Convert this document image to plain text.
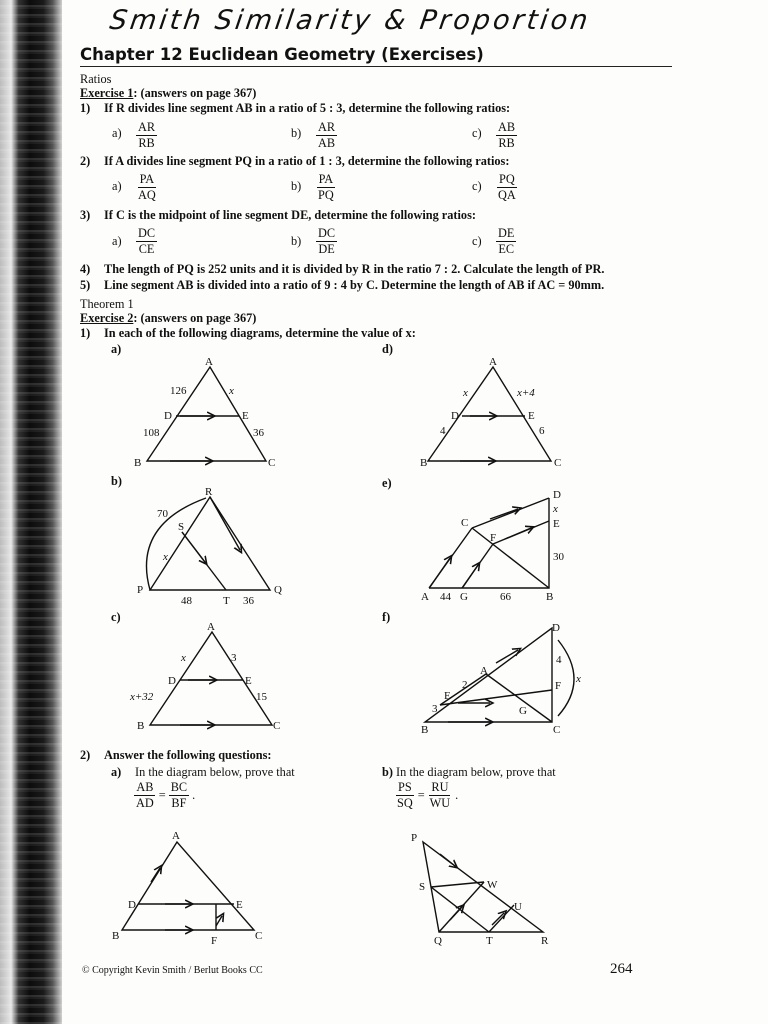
Smith Similarity & Proportion
Chapter 12 Euclidean Geometry (Exercises)
Ratios
Exercise 1: (answers on page 367)
1) If R divides line segment AB in a ratio of 5 : 3, determine the following ratios:
$a) \frac{AR}{RB}$	$b) \frac{AR}{AB}$	$c) \frac{AB}{RB}$
2) If A divides line segment PQ in a ratio of 1 : 3, determine the following ratios:
$a) \frac{PA}{AQ}$	$b) \frac{PA}{PQ}$	$c) \frac{PQ}{QA}$
3) If C is the midpoint of line segment DE, determine the following ratios:
$a) \frac{DC}{CE}$	$b) \frac{DC}{DE}$	$c) \frac{DE}{EC}$
4) The length of PQ is 252 units and it is divided by R in the ratio 7 : 2. Calculate the length of PR.
5) Line segment AB is divided into a ratio of 9 : 4 by C. Determine the length of AB if AC = 90mm.
Theorem 1
Exercise 2: (answers on page 367)
1) In each of the following diagrams, determine the value of x:
a)	d)
b)	e)
c)	f)
2) Answer the following questions:
a) In the diagram below, prove that	b) In the diagram below, prove that
$\frac{AB}{AD} = \frac{BC}{BF}$ .	$\frac{PS}{SQ} = \frac{RU}{WU}$ .
A
D	E
B	C
126	x
108	36
A
D	E
B	C
x	x+4
4	6
R
S
P
T
Q
70
x
48	36
D
C	E
F
A	G	B
x
30
44	66
A
D	E
B	C
x	3
x+32	15
D
A
F
E
G
B	C
2
3
4
x
A
D	E
B	F	C
P
S	W
U
Q	T	R
© Copyright Kevin Smith / Berlut Books CC	264
